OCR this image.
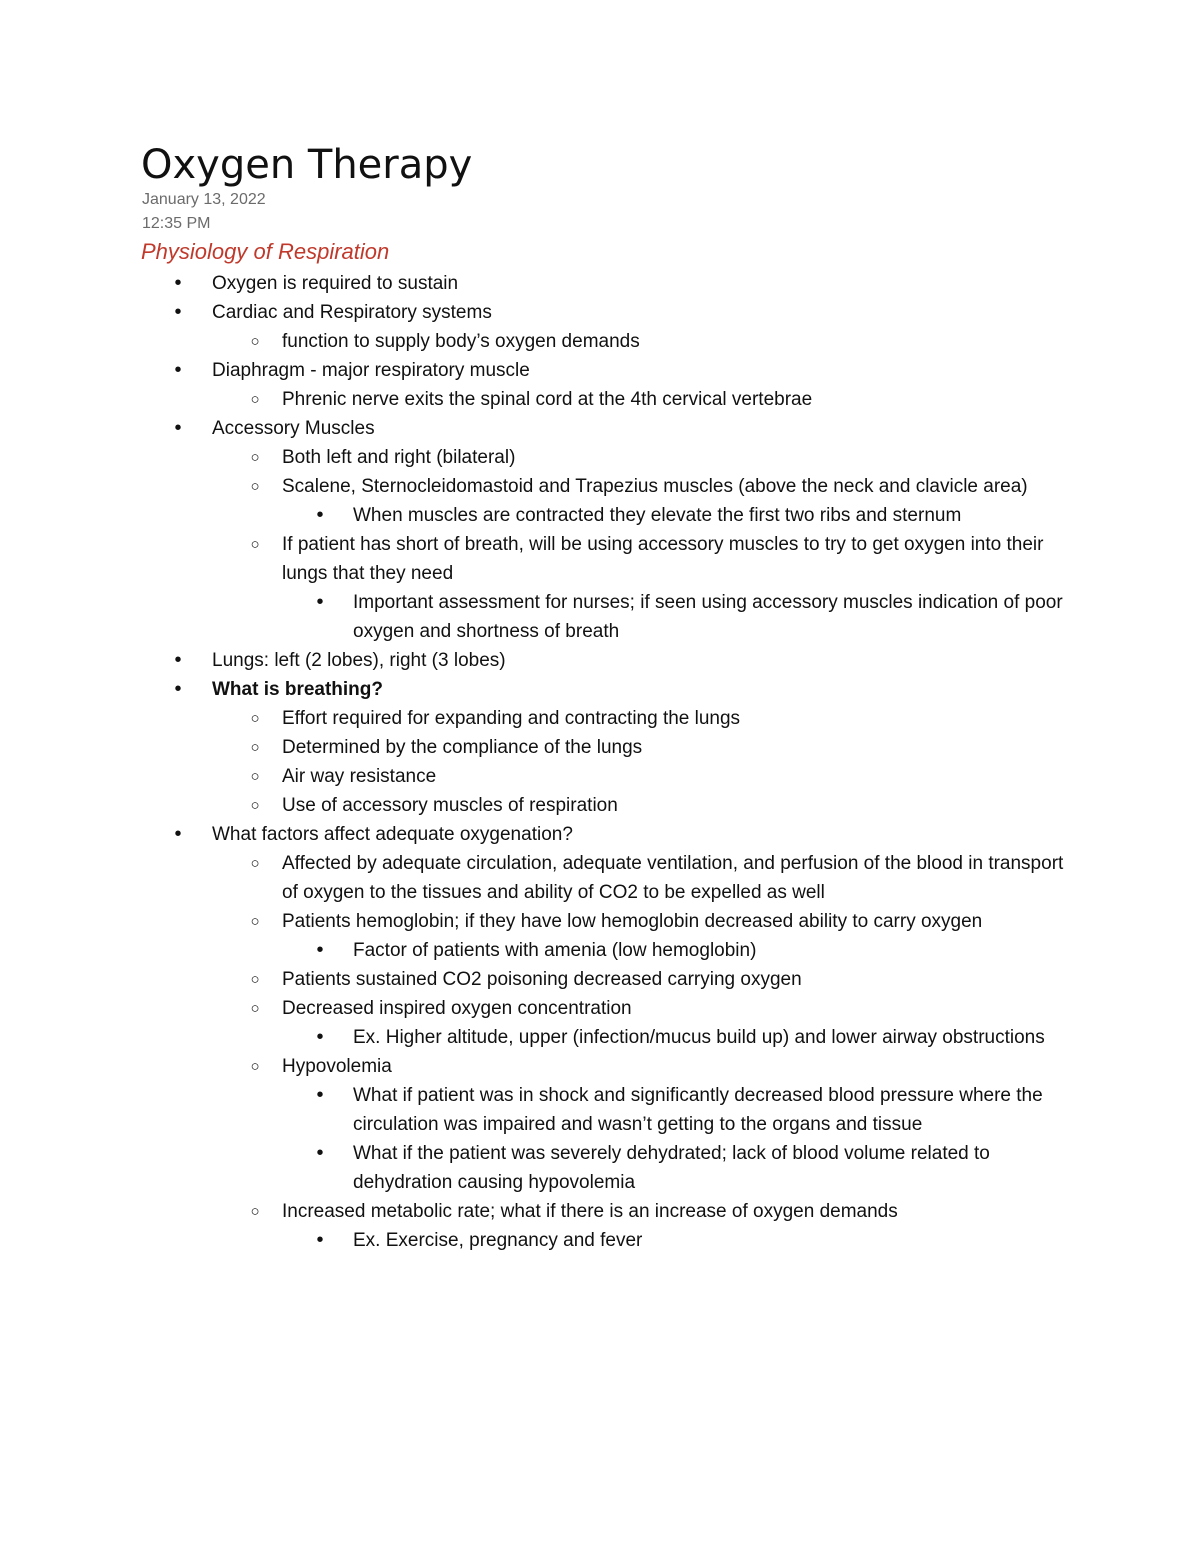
Oxygen Therapy
January 13, 2022
12:35 PM
Physiology of Respiration
•	Oxygen is required to sustain
•	Cardiac and Respiratory systems
○ function to supply body’s oxygen demands
•	Diaphragm - major respiratory muscle
○ Phrenic nerve exits the spinal cord at the 4th cervical vertebrae
•	Accessory Muscles
○ Both left and right (bilateral)
○ Scalene, Sternocleidomastoid and Trapezius muscles (above the neck and clavicle area)
•	When muscles are contracted they elevate the first two ribs and sternum
○ If patient has short of breath, will be using accessory muscles to try to get oxygen into their lungs that they need
•	Important assessment for nurses; if seen using accessory muscles indication of poor oxygen and shortness of breath
•	Lungs: left (2 lobes), right (3 lobes)
•	What is breathing?
○ Effort required for expanding and contracting the lungs
○ Determined by the compliance of the lungs
○ Air way resistance
○ Use of accessory muscles of respiration
•	What factors affect adequate oxygenation?
○ Affected by adequate circulation, adequate ventilation, and perfusion of the blood in transport of oxygen to the tissues and ability of CO2 to be expelled as well
○ Patients hemoglobin; if they have low hemoglobin decreased ability to carry oxygen
•	Factor of patients with amenia (low hemoglobin)
○ Patients sustained CO2 poisoning decreased carrying oxygen
○ Decreased inspired oxygen concentration
•	Ex. Higher altitude, upper (infection/mucus build up) and lower airway obstructions
○ Hypovolemia
•	What if patient was in shock and significantly decreased blood pressure where the circulation was impaired and wasn’t getting to the organs and tissue
•	What if the patient was severely dehydrated; lack of blood volume related to dehydration causing hypovolemia
○ Increased metabolic rate; what if there is an increase of oxygen demands
•	Ex. Exercise, pregnancy and fever
